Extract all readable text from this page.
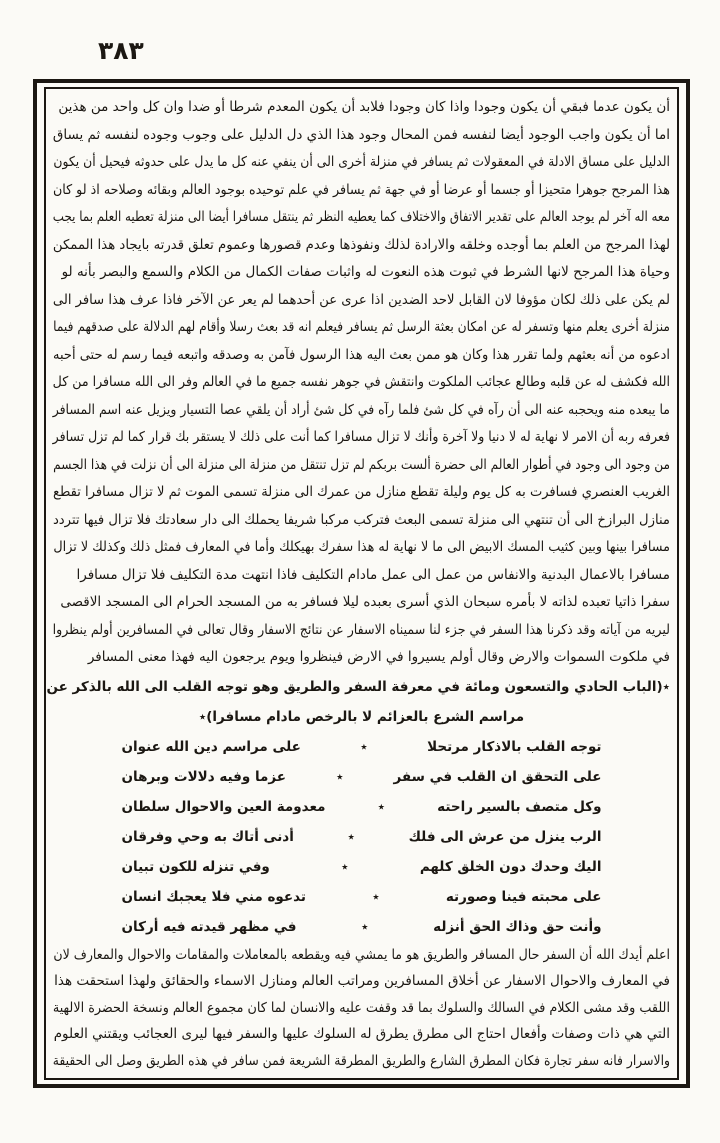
٣٨٣
أن يكون عدما فبقي أن يكون وجودا واذا كان وجودا فلابد أن يكون المعدم شرطا أو ضدا وان كل واحد من هذين
اما أن يكون واجب الوجود أيضا لنفسه فمن المحال وجود هذا الذي دل الدليل على وجوب وجوده لنفسه ثم يساق
الدليل على مساق الادلة في المعقولات ثم يسافر في منزلة أخرى الى أن ينفي عنه كل ما يدل على حدوثه فيحيل أن يكون
هذا المرجح جوهرا متحيزا أو جسما أو عرضا أو في جهة ثم يسافر في علم توحيده بوجود العالم وبقائه وصلاحه اذ لو كان
معه اله آخر لم يوجد العالم على تقدير الاتفاق والاختلاف كما يعطيه النظر ثم ينتقل مسافرا أيضا الى منزلة تعطيه العلم بما يجب
لهذا المرجح من العلم بما أوجده وخلقه والارادة لذلك ونفوذها وعدم قصورها وعموم تعلق قدرته بايجاد هذا الممكن
وحياة هذا المرجح لانها الشرط في ثبوت هذه النعوت له واثبات صفات الكمال من الكلام والسمع والبصر بأنه لو
لم يكن على ذلك لكان مؤوفا لان القابل لاحد الضدين اذا عرى عن أحدهما لم يعر عن الآخر فاذا عرف هذا سافر الى
منزلة أخرى يعلم منها وتسفر له عن امكان بعثة الرسل ثم يسافر فيعلم انه قد بعث رسلا وأقام لهم الدلالة على صدقهم فيما
ادعوه من أنه بعثهم ولما تقرر هذا وكان هو ممن بعث اليه هذا الرسول فآمن به وصدقه واتبعه فيما رسم له حتى أحبه
الله فكشف له عن قلبه وطالع عجائب الملكوت وانتقش في جوهر نفسه جميع ما في العالم وفر الى الله مسافرا من كل
ما يبعده منه ويحجبه عنه الى أن رآه في كل شئ فلما رآه في كل شئ أراد أن يلقي عصا التسيار ويزيل عنه اسم المسافر
فعرفه ربه أن الامر لا نهاية له لا دنيا ولا آخرة وأنك لا تزال مسافرا كما أنت على ذلك لا يستقر بك قرار كما لم تزل تسافر
من وجود الى وجود في أطوار العالم الى حضرة ألست بربكم لم تزل تنتقل من منزلة الى منزلة الى أن نزلت في هذا الجسم
الغريب العنصري فسافرت به كل يوم وليلة تقطع منازل من عمرك الى منزلة تسمى الموت ثم لا تزال مسافرا تقطع
منازل البرازخ الى أن تنتهي الى منزلة تسمى البعث فتركب مركبا شريفا يحملك الى دار سعادتك فلا تزال فيها تتردد
مسافرا بينها وبين كثيب المسك الابيض الى ما لا نهاية له هذا سفرك بهيكلك وأما في المعارف فمثل ذلك وكذلك لا تزال
مسافرا بالاعمال البدنية والانفاس من عمل الى عمل مادام التكليف فاذا انتهت مدة التكليف فلا تزال مسافرا
سفرا ذاتيا تعبده لذاته لا بأمره سبحان الذي أسرى بعبده ليلا فسافر به من المسجد الحرام الى المسجد الاقصى
ليريه من آياته وقد ذكرنا هذا السفر في جزء لنا سميناه الاسفار عن نتائج الاسفار وقال تعالى في المسافرين أولم ينظروا
في ملكوت السموات والارض وقال أولم يسيروا في الارض فينظروا ويوم يرجعون اليه فهذا معنى المسافر
٭(الباب الحادي والتسعون ومائة في معرفة السفر والطريق وهو توجه القلب الى الله بالذكر عن
مراسم الشرع بالعزائم لا بالرخص مادام مسافرا)٭
توجه القلب بالاذكار مرتحلا
٭
على مراسم دين الله عنوان
على التحقق ان القلب في سفر
٭
عزما وفيه دلالات وبرهان
وكل متصف بالسير راحته
٭
معدومة العين والاحوال سلطان
الرب ينزل من عرش الى فلك
٭
أدنى أتاك به وحي وفرقان
اليك وحدك دون الخلق كلهم
٭
وفي تنزله للكون تبيان
على محبته فينا وصورته
٭
تدعوه مني فلا يعجبك انسان
وأنت حق وذاك الحق أنزله
٭
في مظهر قيدته فيه أركان
اعلم أيدك الله أن السفر حال المسافر والطريق هو ما يمشي فيه ويقطعه بالمعاملات والمقامات والاحوال والمعارف لان
في المعارف والاحوال الاسفار عن أخلاق المسافرين ومراتب العالم ومنازل الاسماء والحقائق ولهذا استحقت هذا
اللقب وقد مشى الكلام في السالك والسلوك بما قد وقفت عليه والانسان لما كان مجموع العالم ونسخة الحضرة الالهية
التي هي ذات وصفات وأفعال احتاج الى مطرق يطرق له السلوك عليها والسفر فيها ليرى العجائب ويقتني العلوم
والاسرار فانه سفر تجارة فكان المطرق الشارع والطريق المطرقة الشريعة فمن سافر في هذه الطريق وصل الى الحقيقة
